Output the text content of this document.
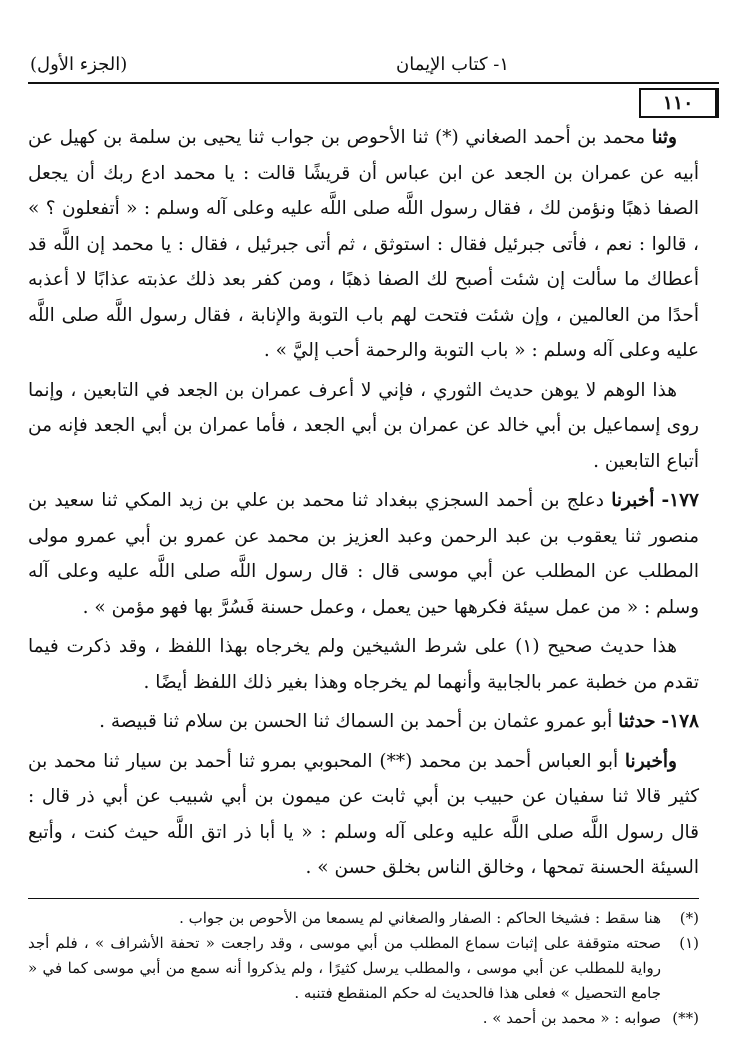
١- كتاب الإيمان
(الجزء الأول)
١١٠

وثنا محمد بن أحمد الصغاني (*) ثنا الأحوص بن جواب ثنا يحيى بن سلمة بن كهيل عن أبيه عن عمران بن الجعد عن ابن عباس أن قريشًا قالت : يا محمد ادع ربك أن يجعل الصفا ذهبًا ونؤمن لك ، فقال رسول اللَّه صلى اللَّه عليه وعلى آله وسلم : « أتفعلون ؟ » ، قالوا : نعم ، فأتى جبرئيل فقال : استوثق ، ثم أتى جبرئيل ، فقال : يا محمد إن اللَّه قد أعطاك ما سألت إن شئت أصبح لك الصفا ذهبًا ، ومن كفر بعد ذلك عذبته عذابًا لا أعذبه أحدًا من العالمين ، وإن شئت فتحت لهم باب التوبة والإنابة ، فقال رسول اللَّه صلى اللَّه عليه وعلى آله وسلم : « باب التوبة والرحمة أحب إليَّ » .

هذا الوهم لا يوهن حديث الثوري ، فإني لا أعرف عمران بن الجعد في التابعين ، وإنما روى إسماعيل بن أبي خالد عن عمران بن أبي الجعد ، فأما عمران بن أبي الجعد فإنه من أتباع التابعين .

١٧٧- أخبرنا دعلج بن أحمد السجزي ببغداد ثنا محمد بن علي بن زيد المكي ثنا سعيد بن منصور ثنا يعقوب بن عبد الرحمن وعبد العزيز بن محمد عن عمرو بن أبي عمرو مولى المطلب عن المطلب عن أبي موسى قال : قال رسول اللَّه صلى اللَّه عليه وعلى آله وسلم : « من عمل سيئة فكرهها حين يعمل ، وعمل حسنة فَسُرَّ بها فهو مؤمن » .

هذا حديث صحيح (١) على شرط الشيخين ولم يخرجاه بهذا اللفظ ، وقد ذكرت فيما تقدم من خطبة عمر بالجابية وأنهما لم يخرجاه وهذا بغير ذلك اللفظ أيضًا .

١٧٨- حدثنا أبو عمرو عثمان بن أحمد بن السماك ثنا الحسن بن سلام ثنا قبيصة .

وأخبرنا أبو العباس أحمد بن محمد (**) المحبوبي بمرو ثنا أحمد بن سيار ثنا محمد بن كثير قالا ثنا سفيان عن حبيب بن أبي ثابت عن ميمون بن أبي شبيب عن أبي ذر قال : قال رسول اللَّه صلى اللَّه عليه وعلى آله وسلم : « يا أبا ذر اتق اللَّه حيث كنت ، وأتبع السيئة الحسنة تمحها ، وخالق الناس بخلق حسن » .

(*)
هنا سقط : فشيخا الحاكم : الصفار والصغاني لم يسمعا من الأحوص بن جواب .
(١)
صحته متوقفة على إثبات سماع المطلب من أبي موسى ، وقد راجعت « تحفة الأشراف » ، فلم أجد رواية للمطلب عن أبي موسى ، والمطلب يرسل كثيرًا ، ولم يذكروا أنه سمع من أبي موسى كما في « جامع التحصيل » فعلى هذا فالحديث له حكم المنقطع فتنبه .
(**)
صوابه : « محمد بن أحمد » .
